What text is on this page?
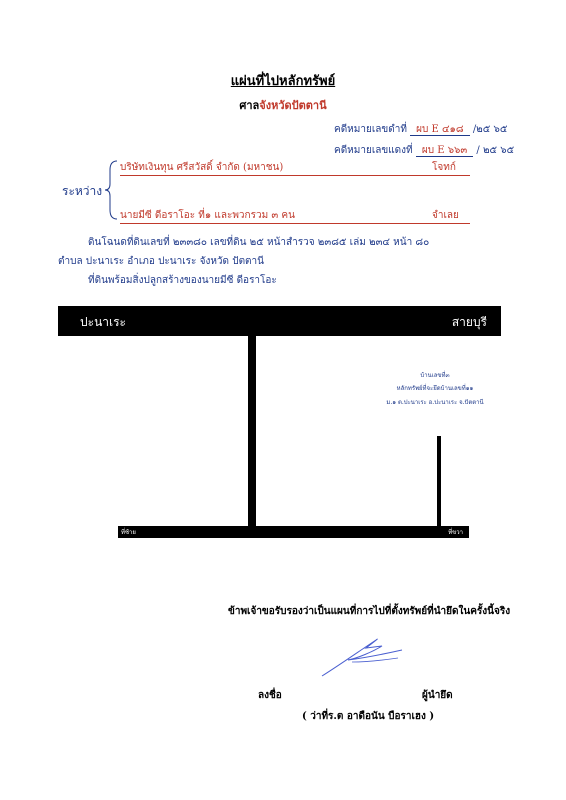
แผ่นที่ไปหลักทรัพย์
ศาลจังหวัดปัตตานี
คดีหมายเลขดำที่ ผบ E ๔๑๘ /๒๕ ๖๕
คดีหมายเลขแดงที่ ผบ E ๖๖๓ / ๒๕ ๖๕
ระหว่าง
บริษัทเงินทุน ศรีสวัสดิ์ จำกัด (มหาชน)	โจทก์
นายมีซี ดีอราโอะ ที่๑ และพวกรวม ๓ คน	จำเลย
ดินโฉนดที่ดินเลขที่ ๒๓๓๘๐ เลขที่ดิน ๒๕ หน้าสำรวจ ๒๓๘๕ เล่ม ๒๓๔ หน้า ๘๐
ตำบล ปะนาเระ อำเภอ ปะนาเระ จังหวัด ปัตตานี
ที่ดินพร้อมสิ่งปลูกสร้างของนายมีซี ดีอราโอะ
ปะนาเระ	สายบุรี
ที่ซ้าย	ที่ขวา
บ้านเลขที่๓
หลักทรัพย์ที่จะยึดบ้านเลขที่๑๑
ม.๑ ต.ปะนาเระ อ.ปะนาเระ จ.ปัตตานี
ข้าพเจ้าขอรับรองว่าเป็นแผนที่การไปที่ตั้งทรัพย์ที่นำยึดในครั้งนี้จริง
ลงชื่อ	ผู้นำยึด
( ว่าที่ร.ต อาดือนัน บือราเฮง )
